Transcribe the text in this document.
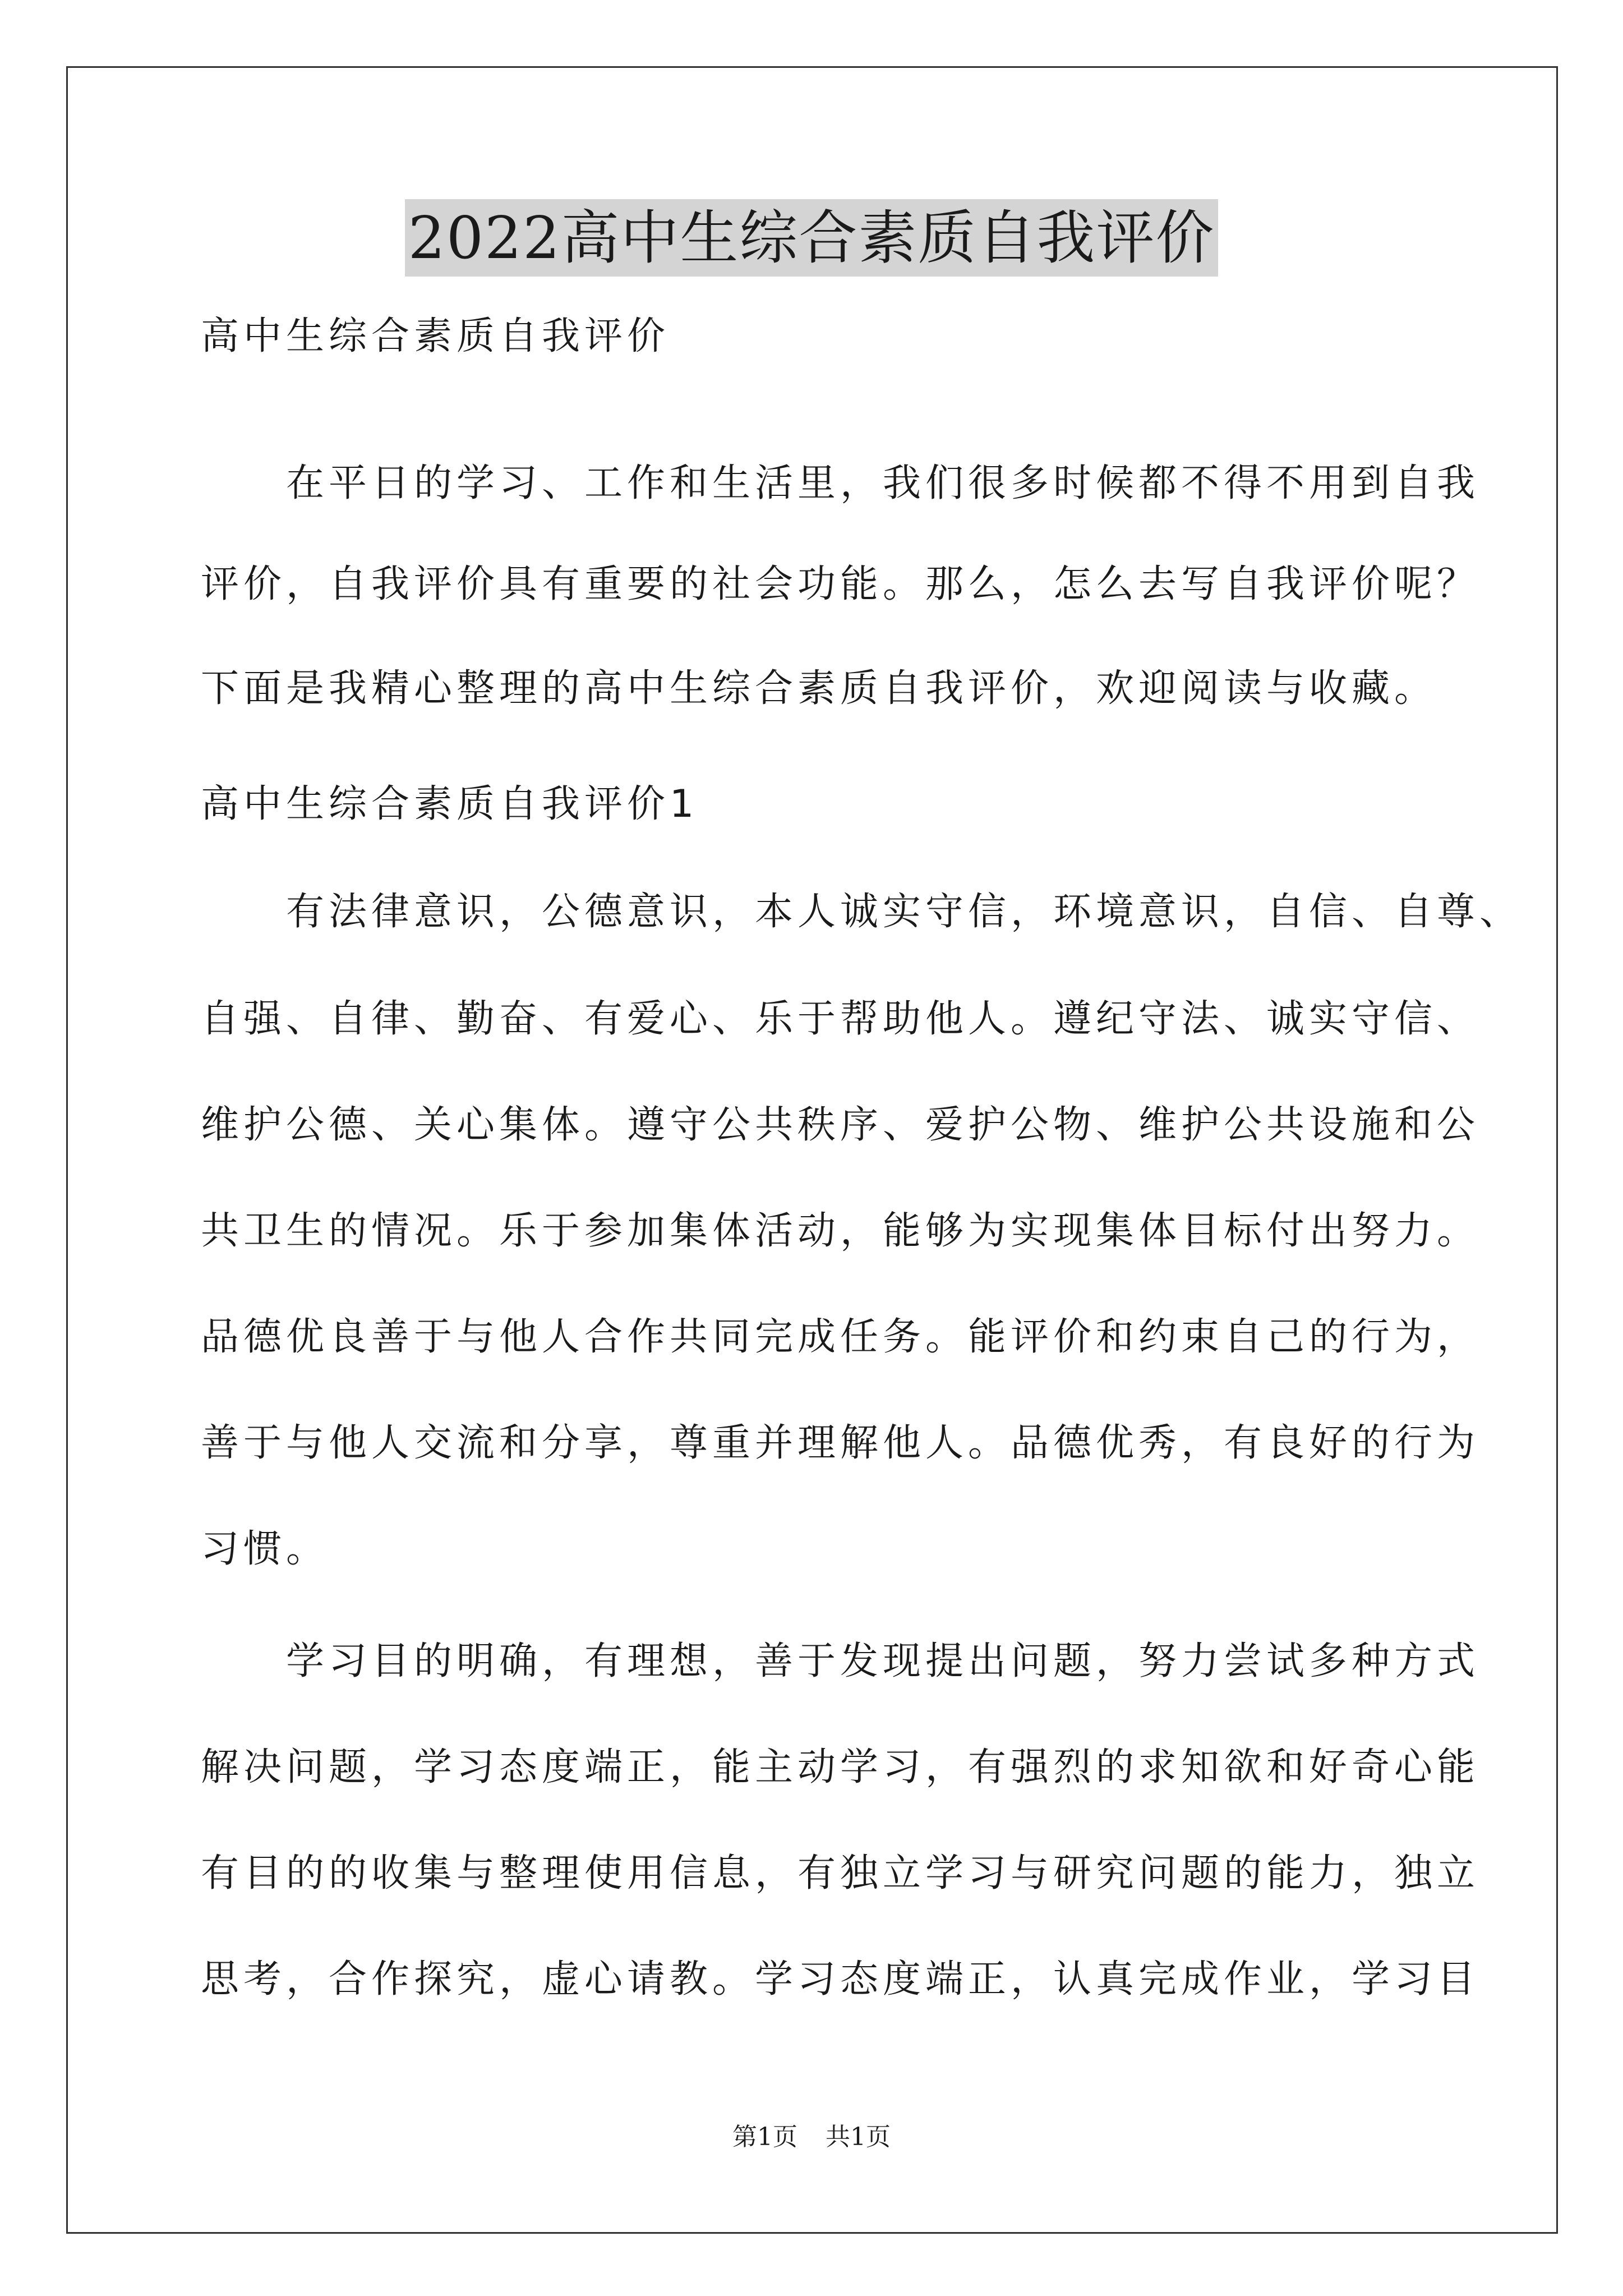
2022高中生综合素质自我评价
高中生综合素质自我评价
　　在平日的学习、工作和生活里，我们很多时候都不得不用到自我
评价，自我评价具有重要的社会功能。那么，怎么去写自我评价呢？
下面是我精心整理的高中生综合素质自我评价，欢迎阅读与收藏。
高中生综合素质自我评价1
　　有法律意识，公德意识，本人诚实守信，环境意识，自信、自尊、
自强、自律、勤奋、有爱心、乐于帮助他人。遵纪守法、诚实守信、
维护公德、关心集体。遵守公共秩序、爱护公物、维护公共设施和公
共卫生的情况。乐于参加集体活动，能够为实现集体目标付出努力。
品德优良善于与他人合作共同完成任务。能评价和约束自己的行为，
善于与他人交流和分享，尊重并理解他人。品德优秀，有良好的行为
习惯。
　　学习目的明确，有理想，善于发现提出问题，努力尝试多种方式
解决问题，学习态度端正，能主动学习，有强烈的求知欲和好奇心能
有目的的收集与整理使用信息，有独立学习与研究问题的能力，独立
思考，合作探究，虚心请教。学习态度端正，认真完成作业，学习目
第1页 共1页
